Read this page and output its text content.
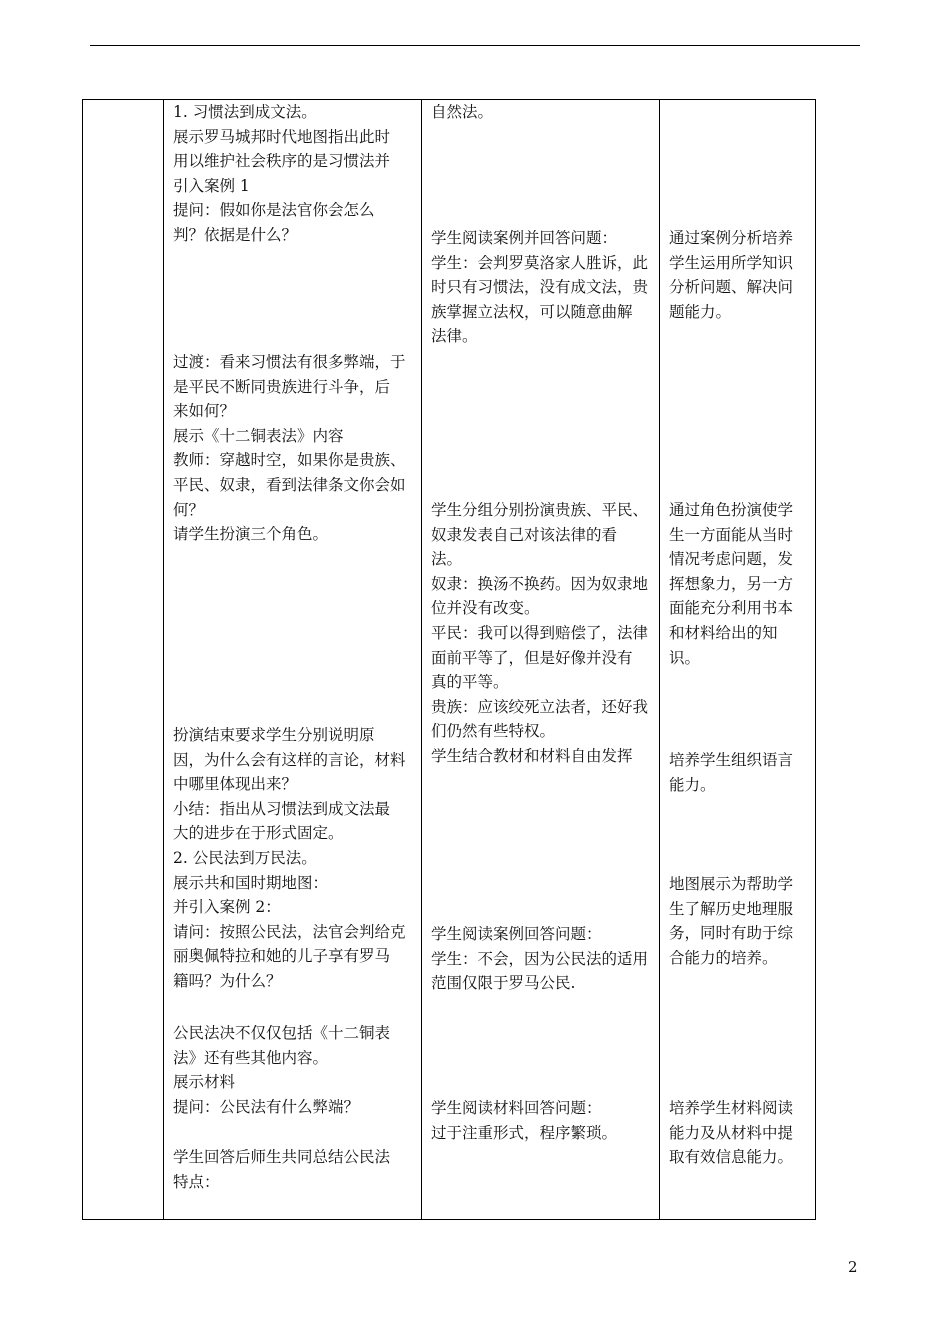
1. 习惯法到成文法。
展示罗马城邦时代地图指出此时
用以维护社会秩序的是习惯法并
引入案例 1
提问：假如你是法官你会怎么
判？依据是什么？
过渡：看来习惯法有很多弊端，于
是平民不断同贵族进行斗争，后
来如何？
展示《十二铜表法》内容
教师：穿越时空，如果你是贵族、
平民、奴隶，看到法律条文你会如
何？
请学生扮演三个角色。
扮演结束要求学生分别说明原
因，为什么会有这样的言论，材料
中哪里体现出来？
小结：指出从习惯法到成文法最
大的进步在于形式固定。
2. 公民法到万民法。
展示共和国时期地图：
并引入案例 2：
请问：按照公民法，法官会判给克
丽奥佩特拉和她的儿子享有罗马
籍吗？为什么？
公民法决不仅仅包括《十二铜表
法》还有些其他内容。
展示材料
提问：公民法有什么弊端？
学生回答后师生共同总结公民法
特点：
自然法。
学生阅读案例并回答问题：
学生：会判罗莫洛家人胜诉，此
时只有习惯法，没有成文法，贵
族掌握立法权，可以随意曲解
法律。
学生分组分别扮演贵族、平民、
奴隶发表自己对该法律的看
法。
奴隶：换汤不换药。因为奴隶地
位并没有改变。
平民：我可以得到赔偿了，法律
面前平等了，但是好像并没有
真的平等。
贵族：应该绞死立法者，还好我
们仍然有些特权。
学生结合教材和材料自由发挥
学生阅读案例回答问题：
学生：不会，因为公民法的适用
范围仅限于罗马公民.
学生阅读材料回答问题：
过于注重形式，程序繁琐。
通过案例分析培养
学生运用所学知识
分析问题、解决问
题能力。
通过角色扮演使学
生一方面能从当时
情况考虑问题，发
挥想象力，另一方
面能充分利用书本
和材料给出的知
识。
培养学生组织语言
能力。
地图展示为帮助学
生了解历史地理服
务，同时有助于综
合能力的培养。
培养学生材料阅读
能力及从材料中提
取有效信息能力。
2
